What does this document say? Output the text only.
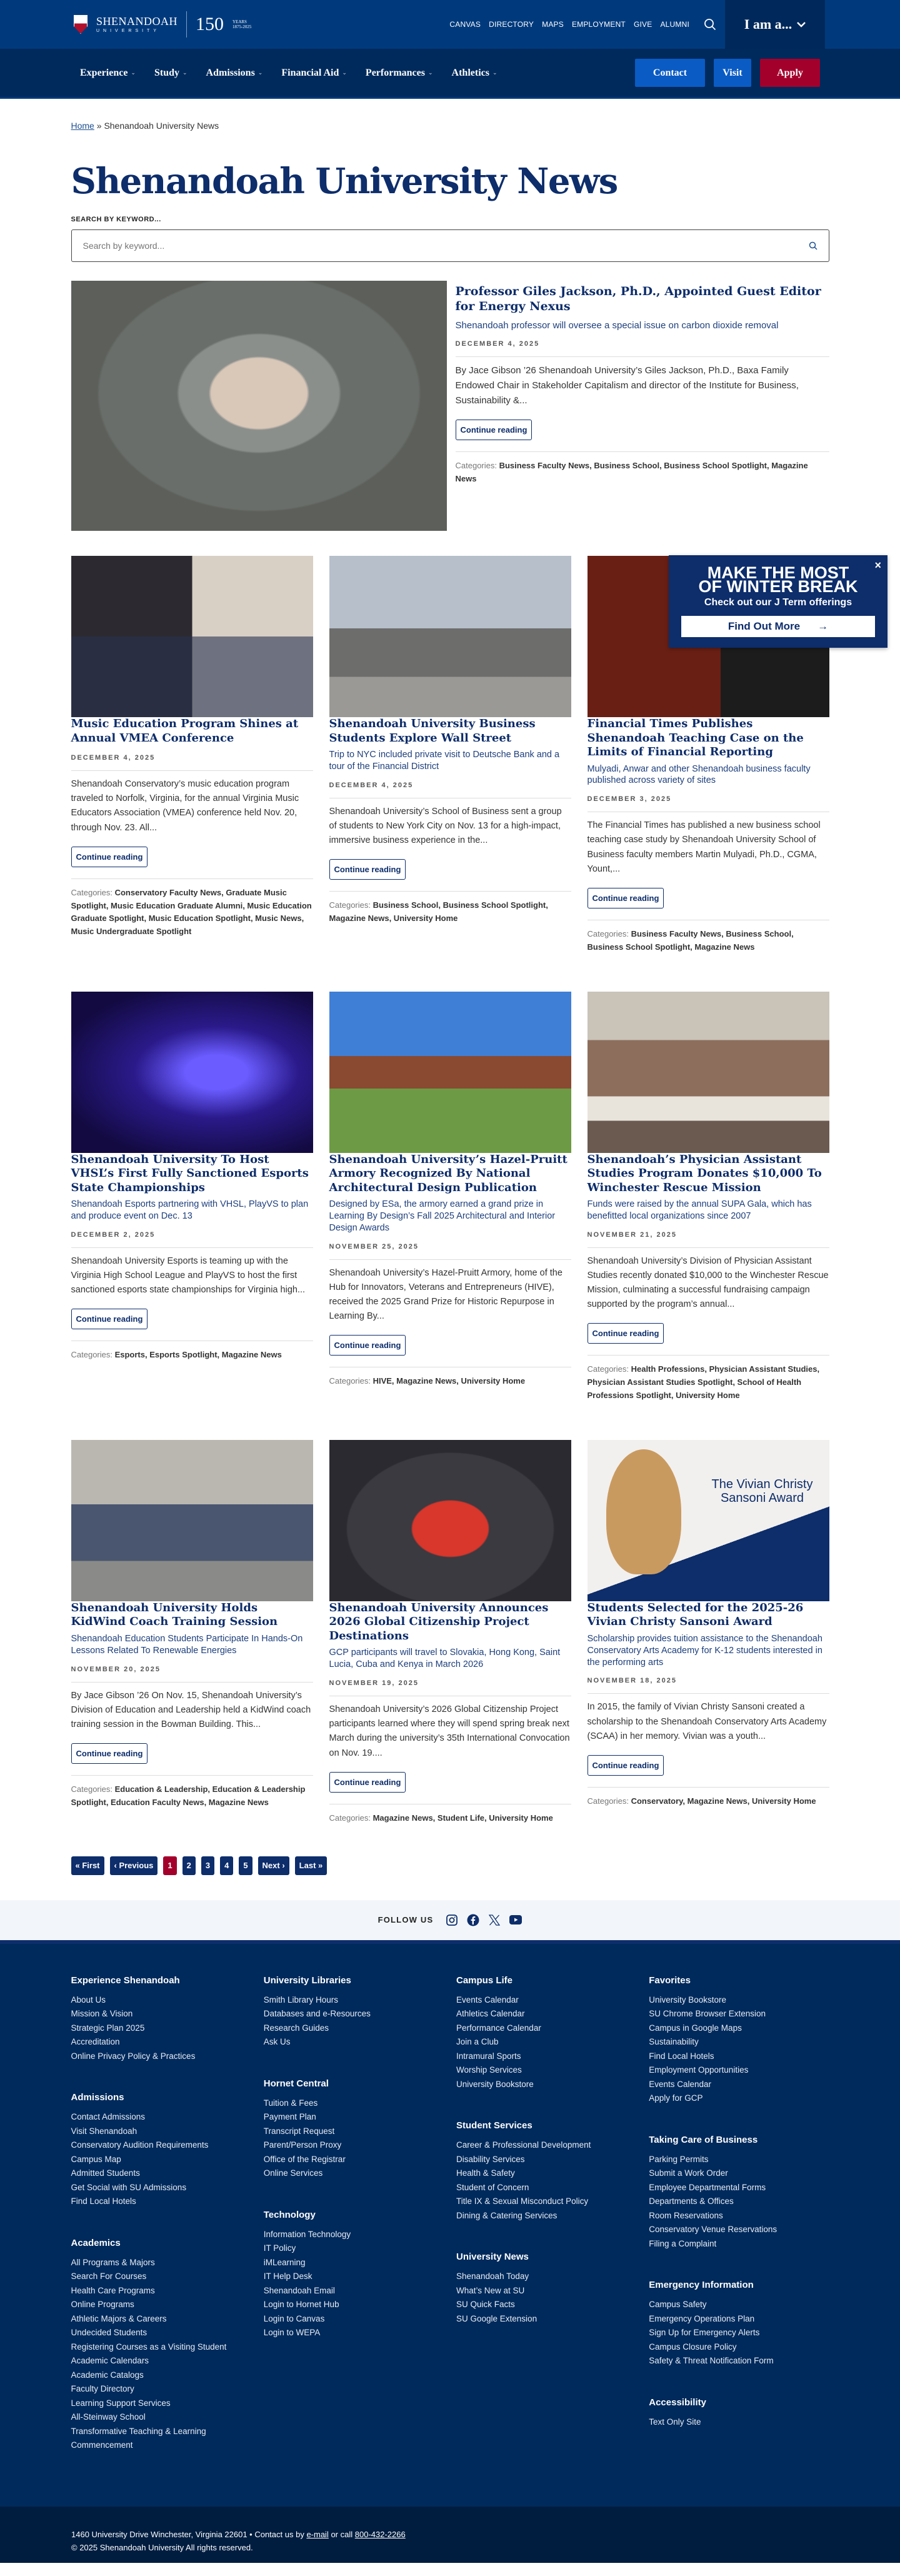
SHENANDOAH
UNIVERSITY	150 YEARS
1875-2025	CANVAS DIRECTORY MAPS EMPLOYMENT GIVE ALUMNI	I am a...
Experience ⌄ Study ⌄ Admissions ⌄ Financial Aid ⌄ Performances ⌄ Athletics ⌄	Contact	Visit	Apply
Home » Shenandoah University News
Shenandoah University News
SEARCH BY KEYWORD...
Search by keyword...
Professor Giles Jackson, Ph.D., Appointed Guest Editor for Energy Nexus
Shenandoah professor will oversee a special issue on carbon dioxide removal
DECEMBER 4, 2025

By Jace Gibson ’26 Shenandoah University’s Giles Jackson, Ph.D., Baxa Family Endowed Chair in Stakeholder Capitalism and director of the Institute for Business, Sustainability &...

Continue reading
Categories: Business Faculty News, Business School, Business School Spotlight, Magazine News
Music Education Program Shines at Annual VMEA Conference
DECEMBER 4, 2025

Shenandoah Conservatory’s music education program traveled to Norfolk, Virginia, for the annual Virginia Music Educators Association (VMEA) conference held Nov. 20, through Nov. 23. All...

Continue reading
Categories: Conservatory Faculty News, Graduate Music Spotlight, Music Education Graduate Alumni, Music Education Graduate Spotlight, Music Education Spotlight, Music News, Music Undergraduate Spotlight
Shenandoah University Business Students Explore Wall Street
Trip to NYC included private visit to Deutsche Bank and a tour of the Financial District
DECEMBER 4, 2025

Shenandoah University’s School of Business sent a group of students to New York City on Nov. 13 for a high-impact, immersive business experience in the...

Continue reading
Categories: Business School, Business School Spotlight, Magazine News, University Home
Financial Times Publishes Shenandoah Teaching Case on the Limits of Financial Reporting
Mulyadi, Anwar and other Shenandoah business faculty published across variety of sites
DECEMBER 3, 2025

The Financial Times has published a new business school teaching case study by Shenandoah University School of Business faculty members Martin Mulyadi, Ph.D., CGMA, Yount,...

Continue reading
Categories: Business Faculty News, Business School, Business School Spotlight, Magazine News
Shenandoah University To Host VHSL’s First Fully Sanctioned Esports State Championships
Shenandoah Esports partnering with VHSL, PlayVS to plan and produce event on Dec. 13
DECEMBER 2, 2025

Shenandoah University Esports is teaming up with the Virginia High School League and PlayVS to host the first sanctioned esports state championships for Virginia high...

Continue reading
Categories: Esports, Esports Spotlight, Magazine News
Shenandoah University’s Hazel-Pruitt Armory Recognized By National Architectural Design Publication
Designed by ESa, the armory earned a grand prize in Learning By Design’s Fall 2025 Architectural and Interior Design Awards
NOVEMBER 25, 2025

Shenandoah University’s Hazel-Pruitt Armory, home of the Hub for Innovators, Veterans and Entrepreneurs (HIVE), received the 2025 Grand Prize for Historic Repurpose in Learning By...

Continue reading
Categories: HIVE, Magazine News, University Home
Shenandoah’s Physician Assistant Studies Program Donates $10,000 To Winchester Rescue Mission
Funds were raised by the annual SUPA Gala, which has benefitted local organizations since 2007
NOVEMBER 21, 2025

Shenandoah University’s Division of Physician Assistant Studies recently donated $10,000 to the Winchester Rescue Mission, culminating a successful fundraising campaign supported by the program’s annual...

Continue reading
Categories: Health Professions, Physician Assistant Studies, Physician Assistant Studies Spotlight, School of Health Professions Spotlight, University Home
Shenandoah University Holds KidWind Coach Training Session
Shenandoah Education Students Participate In Hands-On Lessons Related To Renewable Energies
NOVEMBER 20, 2025

By Jace Gibson ’26 On Nov. 15, Shenandoah University’s Division of Education and Leadership held a KidWind coach training session in the Bowman Building. This...

Continue reading
Categories: Education & Leadership, Education & Leadership Spotlight, Education Faculty News, Magazine News
Shenandoah University Announces 2026 Global Citizenship Project Destinations
GCP participants will travel to Slovakia, Hong Kong, Saint Lucia, Cuba and Kenya in March 2026
NOVEMBER 19, 2025

Shenandoah University’s 2026 Global Citizenship Project participants learned where they will spend spring break next March during the university’s 35th International Convocation on Nov. 19....

Continue reading
Categories: Magazine News, Student Life, University Home
The Vivian Christy Sansoni Award
Students Selected for the 2025-26 Vivian Christy Sansoni Award
Scholarship provides tuition assistance to the Shenandoah Conservatory Arts Academy for K-12 students interested in the performing arts
NOVEMBER 18, 2025

In 2015, the family of Vivian Christy Sansoni created a scholarship to the Shenandoah Conservatory Arts Academy (SCAA) in her memory. Vivian was a youth...

Continue reading
Categories: Conservatory, Magazine News, University Home
« First	‹ Previous	1	2	3	4	5	Next ›	Last »
×
MAKE THE MOST
OF WINTER BREAK
Check out our J Term offerings
Find Out More →
FOLLOW US
Experience Shenandoah
About Us
Mission & Vision
Strategic Plan 2025
Accreditation
Online Privacy Policy & Practices
Admissions
Contact Admissions
Visit Shenandoah
Conservatory Audition Requirements
Campus Map
Admitted Students
Get Social with SU Admissions
Find Local Hotels
Academics
All Programs & Majors
Search For Courses
Health Care Programs
Online Programs
Athletic Majors & Careers
Undecided Students
Registering Courses as a Visiting Student
Academic Calendars
Academic Catalogs
Faculty Directory
Learning Support Services
All-Steinway School
Transformative Teaching & Learning
Commencement
University Libraries
Smith Library Hours
Databases and e-Resources
Research Guides
Ask Us
Hornet Central
Tuition & Fees
Payment Plan
Transcript Request
Parent/Person Proxy
Office of the Registrar
Online Services
Technology
Information Technology
IT Policy
iMLearning
IT Help Desk
Shenandoah Email
Login to Hornet Hub
Login to Canvas
Login to WEPA
Campus Life
Events Calendar
Athletics Calendar
Performance Calendar
Join a Club
Intramural Sports
Worship Services
University Bookstore
Student Services
Career & Professional Development
Disability Services
Health & Safety
Student of Concern
Title IX & Sexual Misconduct Policy
Dining & Catering Services
University News
Shenandoah Today
What’s New at SU
SU Quick Facts
SU Google Extension
Favorites
University Bookstore
SU Chrome Browser Extension
Campus in Google Maps
Sustainability
Find Local Hotels
Employment Opportunities
Events Calendar
Apply for GCP
Taking Care of Business
Parking Permits
Submit a Work Order
Employee Departmental Forms
Departments & Offices
Room Reservations
Conservatory Venue Reservations
Filing a Complaint
Emergency Information
Campus Safety
Emergency Operations Plan
Sign Up for Emergency Alerts
Campus Closure Policy
Safety & Threat Notification Form
Accessibility
Text Only Site
1460 University Drive Winchester, Virginia 22601 • Contact us by e-mail or call 800-432-2266
© 2025 Shenandoah University All rights reserved.
